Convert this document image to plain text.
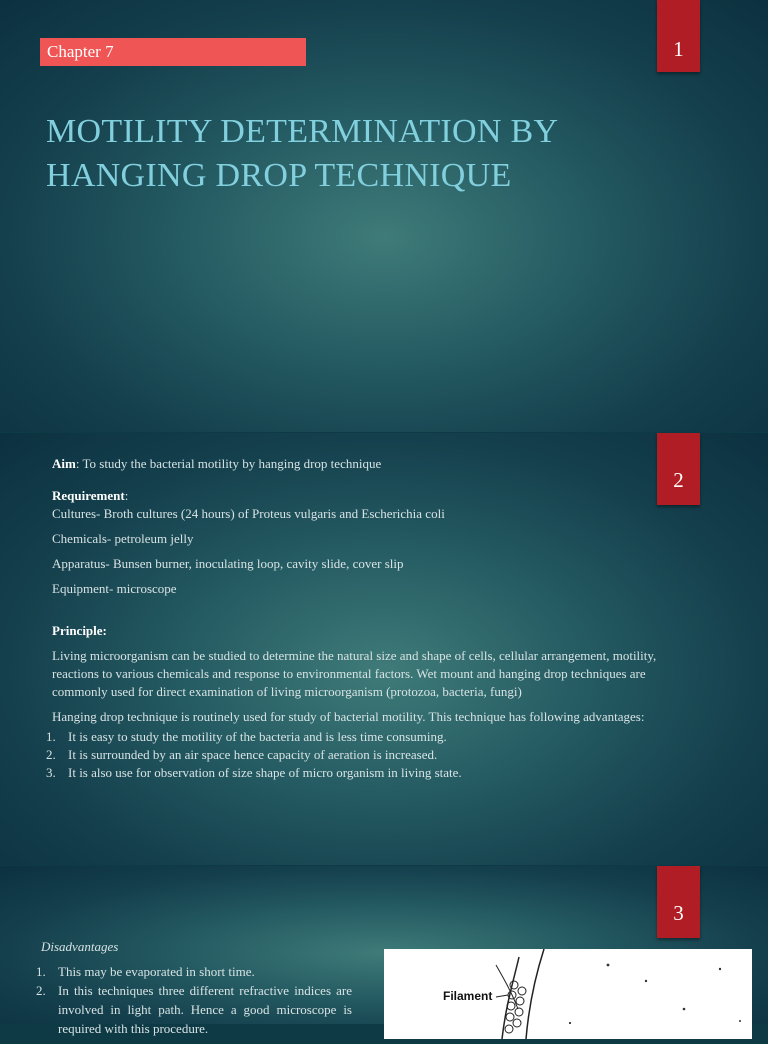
Chapter 7	1
MOTILITY DETERMINATION BY
HANGING DROP TECHNIQUE
2

Aim: To study the bacterial motility by hanging drop technique

Requirement:

Cultures- Broth cultures (24 hours) of Proteus vulgaris and Escherichia coli

Chemicals- petroleum jelly

Apparatus- Bunsen burner, inoculating loop, cavity slide, cover slip

Equipment- microscope

Principle:

Living microorganism can be studied to determine the natural size and shape of cells, cellular arrangement, motility, reactions to various chemicals and response to environmental factors. Wet mount and hanging drop techniques are commonly used for direct examination of living microorganism (protozoa, bacteria, fungi)

Hanging drop technique is routinely used for study of bacterial motility. This technique has following advantages:

1. It is easy to study the motility of the bacteria and is less time consuming.
2. It is surrounded by an air space hence capacity of aeration is increased.
3. It is also use for observation of size shape of micro organism in living state.
3
Disadvantages
1. This may be evaporated in short time.
2. In this techniques three different refractive indices are involved in light path. Hence a good microscope is required with this procedure.
Filament
